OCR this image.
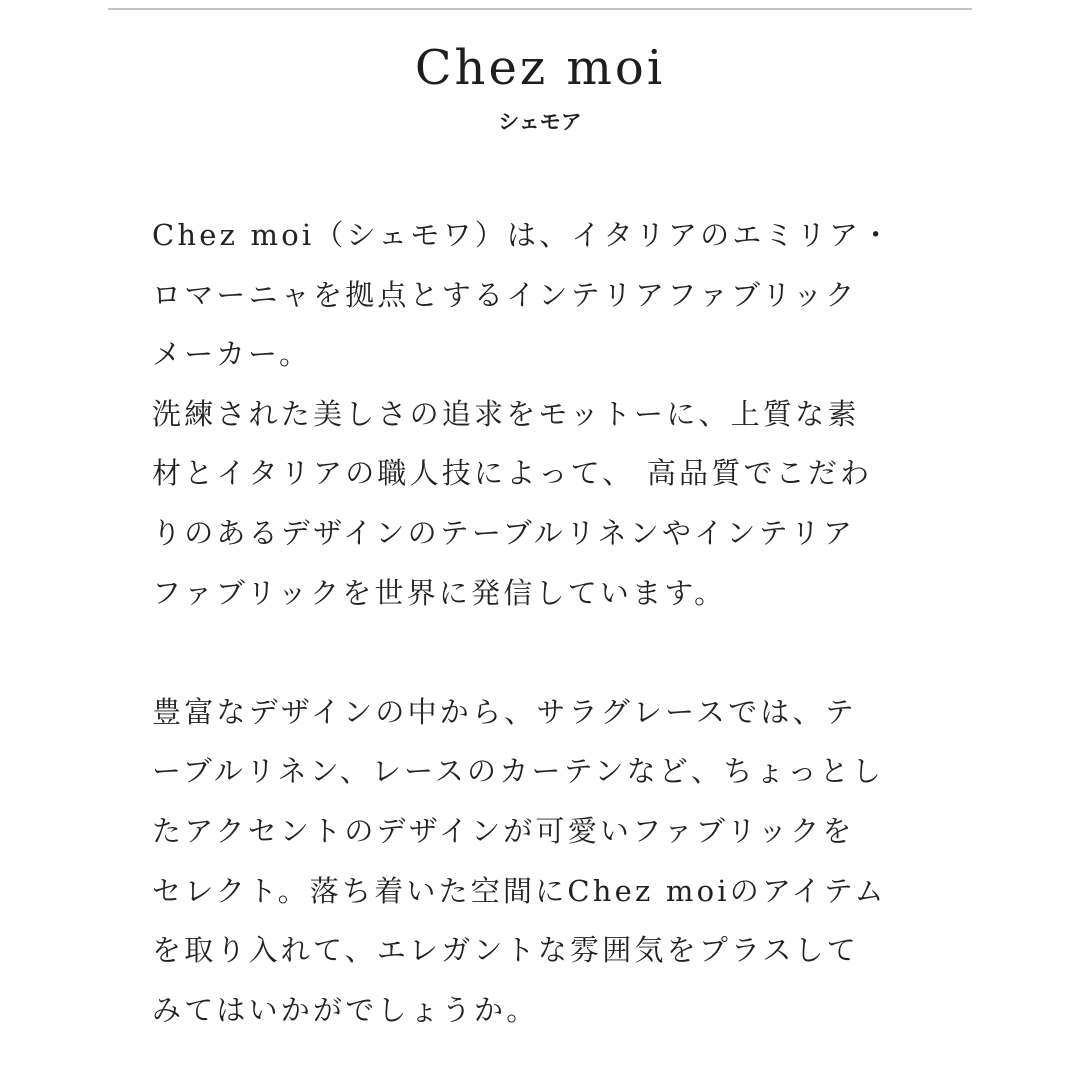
Chez moi
シェモア
Chez moi（シェモワ）は、イタリアのエミリア・
ロマーニャを拠点とするインテリアファブリック
メーカー。
洗練された美しさの追求をモットーに、上質な素
材とイタリアの職人技によって、 高品質でこだわ
りのあるデザインのテーブルリネンやインテリア
ファブリックを世界に発信しています。
豊富なデザインの中から、サラグレースでは、テ
ーブルリネン、レースのカーテンなど、ちょっとし
たアクセントのデザインが可愛いファブリックを
セレクト。落ち着いた空間にChez moiのアイテム
を取り入れて、エレガントな雰囲気をプラスして
みてはいかがでしょうか。
